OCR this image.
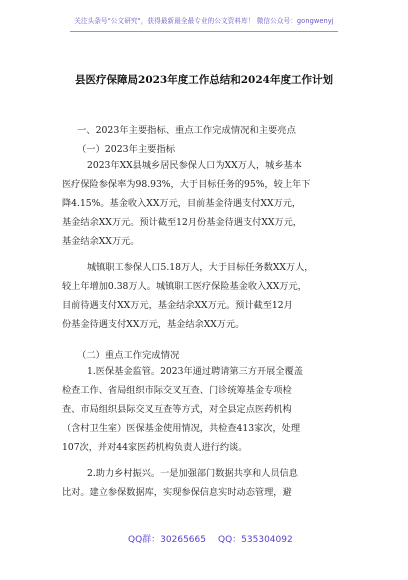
关注头条号"公文研究"，获得最新最全最专业的公文资料库！ 微信公众号：gongwenyj
县医疗保障局2023年度工作总结和2024年度工作计划
一、2023年主要指标、重点工作完成情况和主要亮点
（一）2023年主要指标
2023年XX县城乡居民参保人口为XX万人，城乡基本
医疗保险参保率为98.93%，大于目标任务的95%，较上年下
降4.15%。基金收入XX万元，目前基金待遇支付XX万元，
基金结余XX万元。预计截至12月份基金待遇支付XX万元，
基金结余XX万元。
城镇职工参保人口5.18万人，大于目标任务数XX万人，
较上年增加0.38万人。城镇职工医疗保险基金收入XX万元，
目前待遇支付XX万元，基金结余XX万元。预计截至12月
份基金待遇支付XX万元，基金结余XX万元。
（二）重点工作完成情况
1.医保基金监管。2023年通过聘请第三方开展全覆盖
检查工作、省局组织市际交叉互查、门诊统筹基金专项检
查、市局组织县际交叉互查等方式，对全县定点医药机构
（含村卫生室）医保基金使用情况，共检查413家次，处理
107次，并对44家医药机构负责人进行约谈。
2.助力乡村振兴。一是加强部门数据共享和人员信息
比对。建立参保数据库，实现参保信息实时动态管理，避
QQ群：30265665 QQ：535304092
